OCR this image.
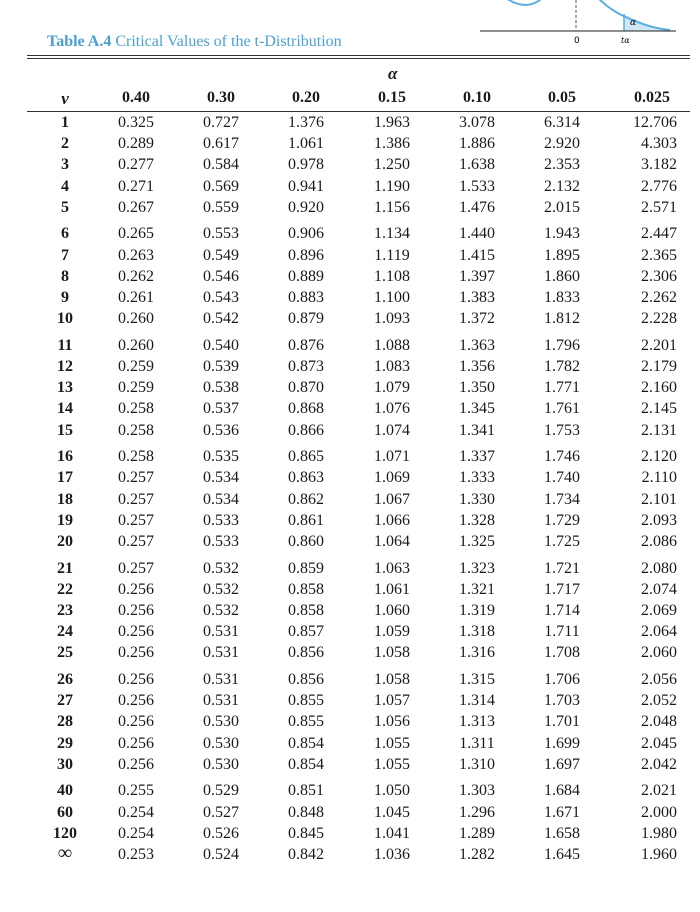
0
α
tα
Table A.4 Critical Values of the t-Distribution
α
v	0.40	0.30	0.20	0.15	0.10	0.05	0.025
1	0.325	0.727	1.376	1.963	3.078	6.314	12.706
2	0.289	0.617	1.061	1.386	1.886	2.920	4.303
3	0.277	0.584	0.978	1.250	1.638	2.353	3.182
4	0.271	0.569	0.941	1.190	1.533	2.132	2.776
5	0.267	0.559	0.920	1.156	1.476	2.015	2.571
6	0.265	0.553	0.906	1.134	1.440	1.943	2.447
7	0.263	0.549	0.896	1.119	1.415	1.895	2.365
8	0.262	0.546	0.889	1.108	1.397	1.860	2.306
9	0.261	0.543	0.883	1.100	1.383	1.833	2.262
10	0.260	0.542	0.879	1.093	1.372	1.812	2.228
11	0.260	0.540	0.876	1.088	1.363	1.796	2.201
12	0.259	0.539	0.873	1.083	1.356	1.782	2.179
13	0.259	0.538	0.870	1.079	1.350	1.771	2.160
14	0.258	0.537	0.868	1.076	1.345	1.761	2.145
15	0.258	0.536	0.866	1.074	1.341	1.753	2.131
16	0.258	0.535	0.865	1.071	1.337	1.746	2.120
17	0.257	0.534	0.863	1.069	1.333	1.740	2.110
18	0.257	0.534	0.862	1.067	1.330	1.734	2.101
19	0.257	0.533	0.861	1.066	1.328	1.729	2.093
20	0.257	0.533	0.860	1.064	1.325	1.725	2.086
21	0.257	0.532	0.859	1.063	1.323	1.721	2.080
22	0.256	0.532	0.858	1.061	1.321	1.717	2.074
23	0.256	0.532	0.858	1.060	1.319	1.714	2.069
24	0.256	0.531	0.857	1.059	1.318	1.711	2.064
25	0.256	0.531	0.856	1.058	1.316	1.708	2.060
26	0.256	0.531	0.856	1.058	1.315	1.706	2.056
27	0.256	0.531	0.855	1.057	1.314	1.703	2.052
28	0.256	0.530	0.855	1.056	1.313	1.701	2.048
29	0.256	0.530	0.854	1.055	1.311	1.699	2.045
30	0.256	0.530	0.854	1.055	1.310	1.697	2.042
40	0.255	0.529	0.851	1.050	1.303	1.684	2.021
60	0.254	0.527	0.848	1.045	1.296	1.671	2.000
120	0.254	0.526	0.845	1.041	1.289	1.658	1.980
∞	0.253	0.524	0.842	1.036	1.282	1.645	1.960
